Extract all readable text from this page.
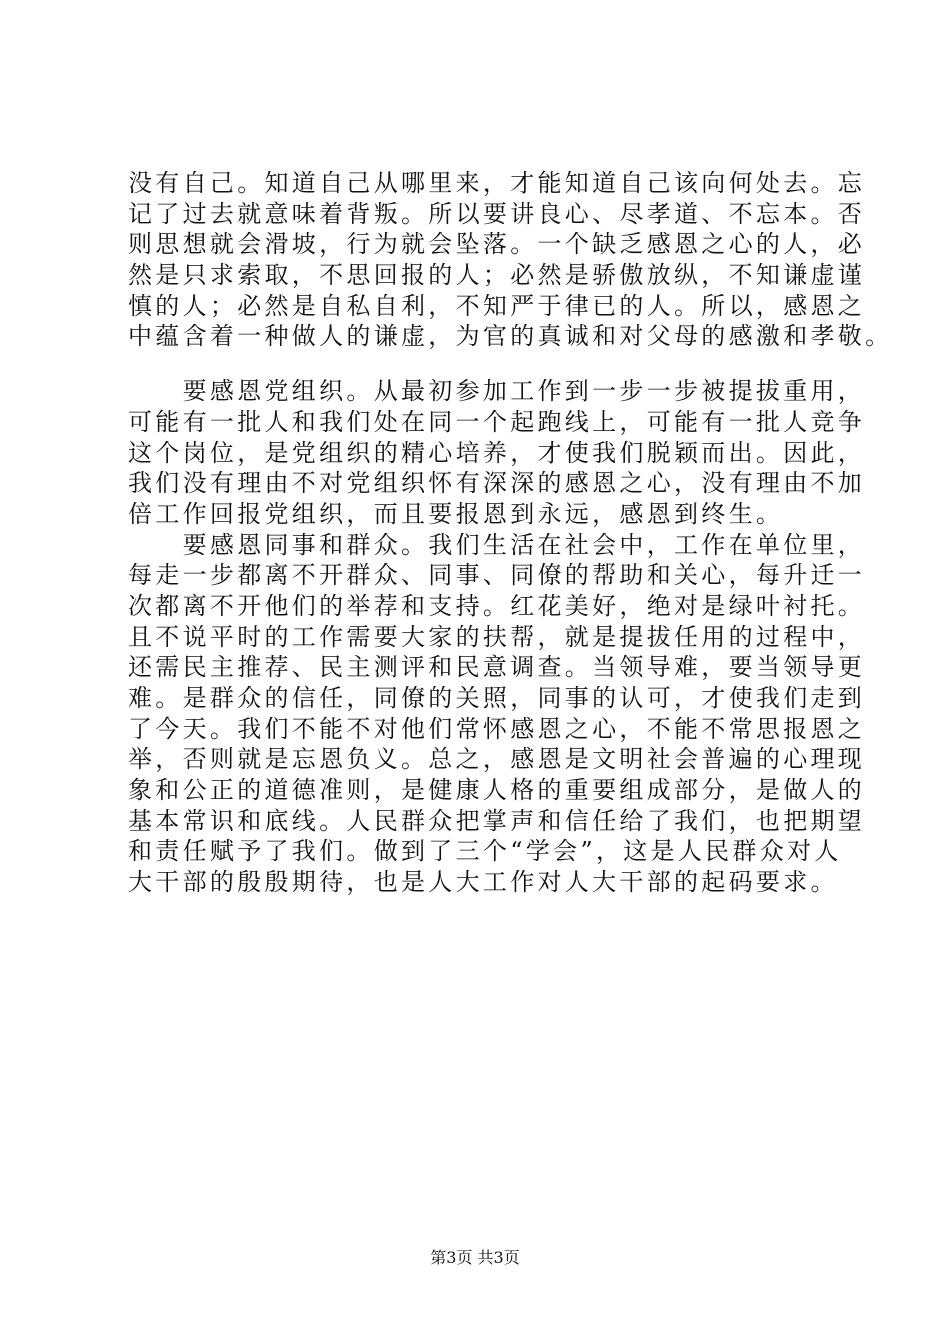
没有自己。知道自己从哪里来，才能知道自己该向何处去。忘
记了过去就意味着背叛。所以要讲良心、尽孝道、不忘本。否
则思想就会滑坡，行为就会坠落。一个缺乏感恩之心的人，必
然是只求索取，不思回报的人；必然是骄傲放纵，不知谦虚谨
慎的人；必然是自私自利，不知严于律已的人。所以，感恩之
中蕴含着一种做人的谦虚，为官的真诚和对父母的感激和孝敬。
　　要感恩党组织。从最初参加工作到一步一步被提拔重用，
可能有一批人和我们处在同一个起跑线上，可能有一批人竞争
这个岗位，是党组织的精心培养，才使我们脱颖而出。因此，
我们没有理由不对党组织怀有深深的感恩之心，没有理由不加
倍工作回报党组织，而且要报恩到永远，感恩到终生。
　　要感恩同事和群众。我们生活在社会中，工作在单位里，
每走一步都离不开群众、同事、同僚的帮助和关心，每升迁一
次都离不开他们的举荐和支持。红花美好，绝对是绿叶衬托。
且不说平时的工作需要大家的扶帮，就是提拔任用的过程中，
还需民主推荐、民主测评和民意调查。当领导难，要当领导更
难。是群众的信任，同僚的关照，同事的认可，才使我们走到
了今天。我们不能不对他们常怀感恩之心，不能不常思报恩之
举，否则就是忘恩负义。总之，感恩是文明社会普遍的心理现
象和公正的道德准则，是健康人格的重要组成部分，是做人的
基本常识和底线。人民群众把掌声和信任给了我们，也把期望
和责任赋予了我们。做到了三个“学会”，这是人民群众对人
大干部的殷殷期待，也是人大工作对人大干部的起码要求。
第3页 共3页
